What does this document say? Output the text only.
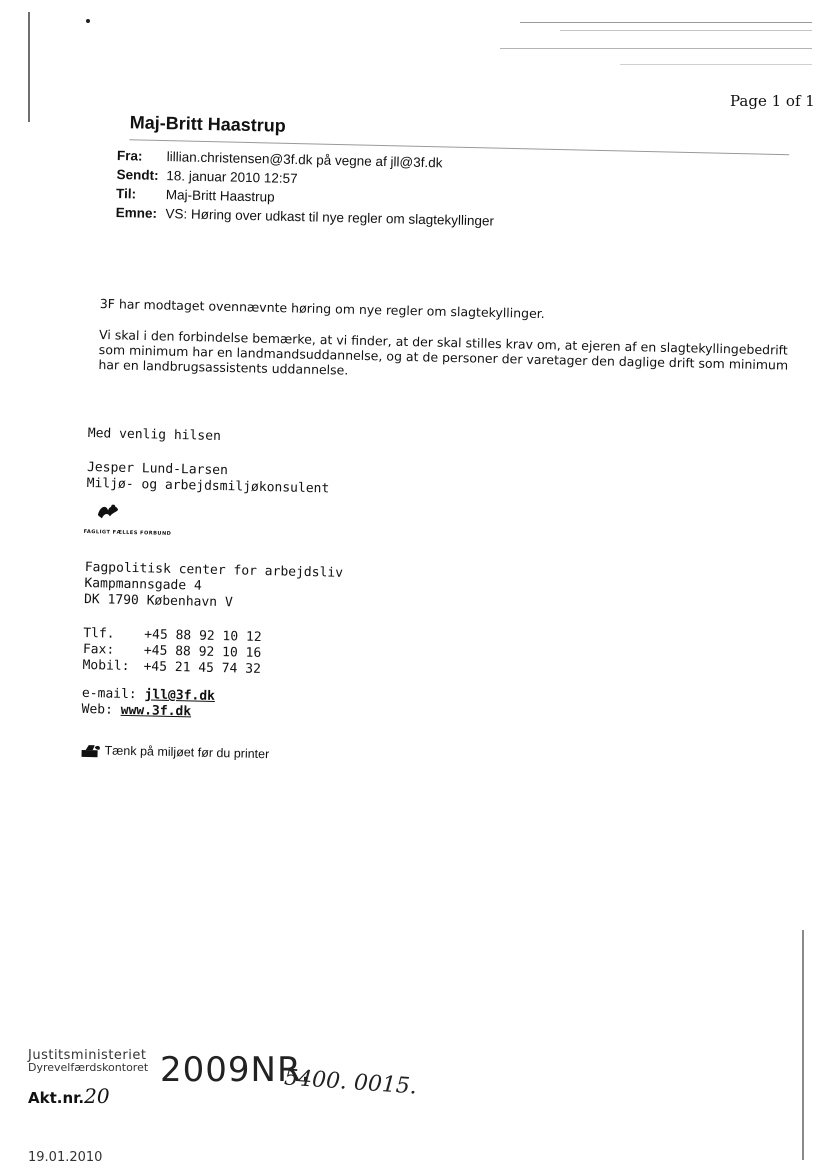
Page 1 of 1
Maj-Britt Haastrup
Fra: lillian.christensen@3f.dk på vegne af jll@3f.dk
Sendt: 18. januar 2010 12:57
Til: Maj-Britt Haastrup
Emne: VS: Høring over udkast til nye regler om slagtekyllinger

3F har modtaget ovennævnte høring om nye regler om slagtekyllinger.

Vi skal i den forbindelse bemærke, at vi finder, at der skal stilles krav om, at ejeren af en slagtekyllingebedrift som minimum har en landmandsuddannelse, og at de personer der varetager den daglige drift som minimum har en landbrugsassistents uddannelse.

Med venlig hilsen
Jesper Lund-Larsen
Miljø- og arbejdsmiljøkonsulent
FAGLIGT FÆLLES FORBUND
Fagpolitisk center for arbejdsliv
Kampmannsgade 4
DK 1790 København V
Tlf.	+45 88 92 10 12
Fax:	+45 88 92 10 16
Mobil:	+45 21 45 74 32
e-mail: jll@3f.dk
Web: www.3f.dk
Tænk på miljøet før du printer
Justitsministeriet
Dyrevelfærdskontoret
Akt.nr.20
2009NR.
5400. 0015.
19.01.2010
